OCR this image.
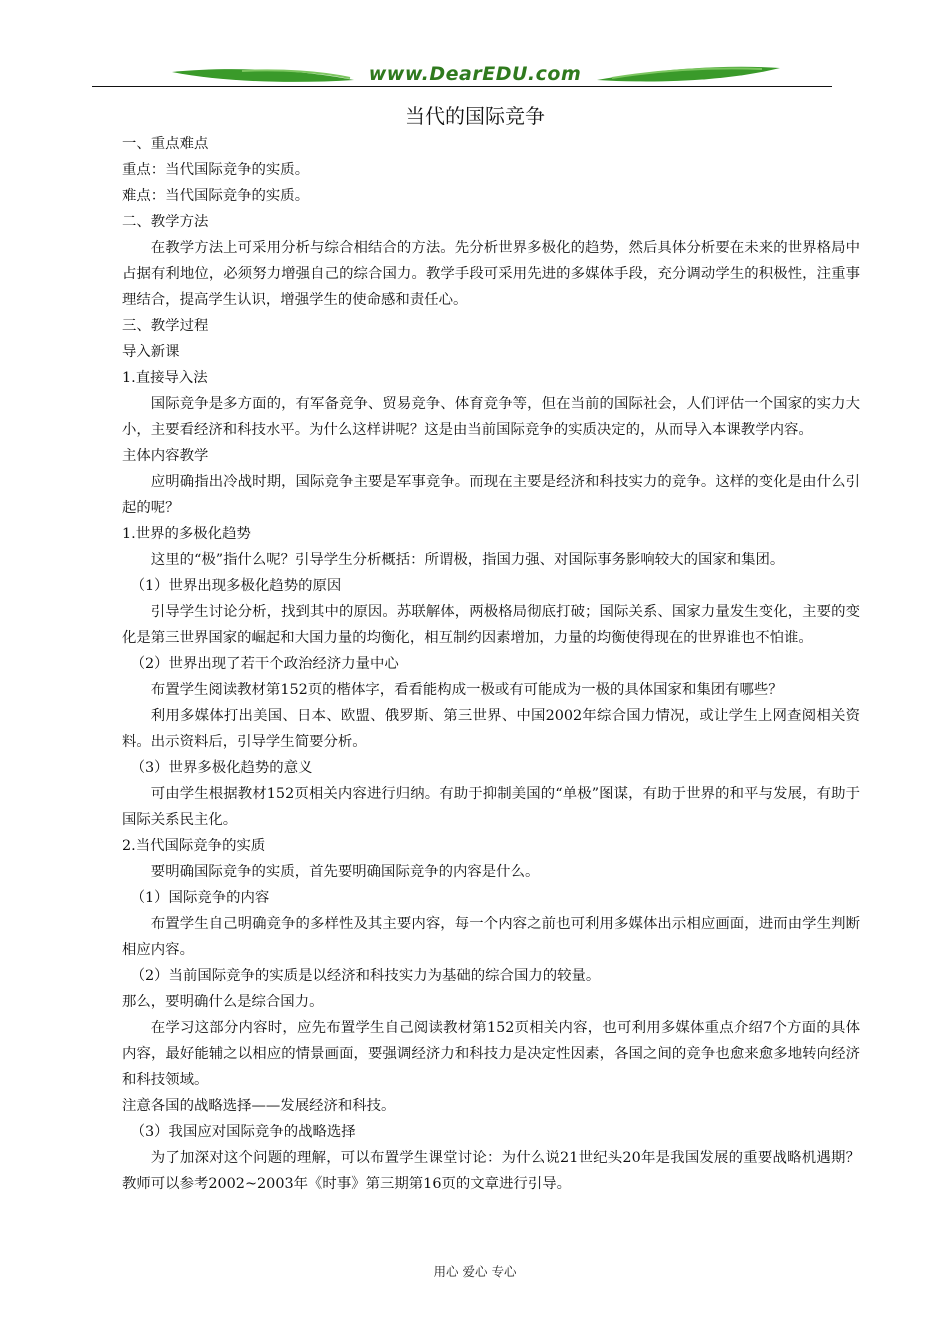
www.DearEDU.com
当代的国际竞争

一、重点难点

重点：当代国际竞争的实质。

难点：当代国际竞争的实质。

二、教学方法

在教学方法上可采用分析与综合相结合的方法。先分析世界多极化的趋势，然后具体分析要在未来的世界格局中占据有利地位，必须努力增强自己的综合国力。教学手段可采用先进的多媒体手段，充分调动学生的积极性，注重事理结合，提高学生认识，增强学生的使命感和责任心。

三、教学过程

导入新课

1.直接导入法

国际竞争是多方面的，有军备竞争、贸易竞争、体育竞争等，但在当前的国际社会，人们评估一个国家的实力大小，主要看经济和科技水平。为什么这样讲呢？这是由当前国际竞争的实质决定的，从而导入本课教学内容。

主体内容教学

应明确指出冷战时期，国际竞争主要是军事竞争。而现在主要是经济和科技实力的竞争。这样的变化是由什么引起的呢？

1.世界的多极化趋势

这里的“极”指什么呢？引导学生分析概括：所谓极，指国力强、对国际事务影响较大的国家和集团。

（1）世界出现多极化趋势的原因

引导学生讨论分析，找到其中的原因。苏联解体，两极格局彻底打破；国际关系、国家力量发生变化，主要的变化是第三世界国家的崛起和大国力量的均衡化，相互制约因素增加，力量的均衡使得现在的世界谁也不怕谁。

（2）世界出现了若干个政治经济力量中心

布置学生阅读教材第152页的楷体字，看看能构成一极或有可能成为一极的具体国家和集团有哪些？

利用多媒体打出美国、日本、欧盟、俄罗斯、第三世界、中国2002年综合国力情况，或让学生上网查阅相关资料。出示资料后，引导学生简要分析。

（3）世界多极化趋势的意义

可由学生根据教材152页相关内容进行归纳。有助于抑制美国的“单极”图谋，有助于世界的和平与发展，有助于国际关系民主化。

2.当代国际竞争的实质

要明确国际竞争的实质，首先要明确国际竞争的内容是什么。

（1）国际竞争的内容

布置学生自己明确竞争的多样性及其主要内容，每一个内容之前也可利用多媒体出示相应画面，进而由学生判断相应内容。

（2）当前国际竞争的实质是以经济和科技实力为基础的综合国力的较量。

那么，要明确什么是综合国力。

在学习这部分内容时，应先布置学生自己阅读教材第152页相关内容，也可利用多媒体重点介绍7个方面的具体内容，最好能辅之以相应的情景画面，要强调经济力和科技力是决定性因素，各国之间的竞争也愈来愈多地转向经济和科技领域。

注意各国的战略选择——发展经济和科技。

（3）我国应对国际竞争的战略选择

为了加深对这个问题的理解，可以布置学生课堂讨论：为什么说21世纪头20年是我国发展的重要战略机遇期？教师可以参考2002~2003年《时事》第三期第16页的文章进行引导。

用心 爱心 专心
